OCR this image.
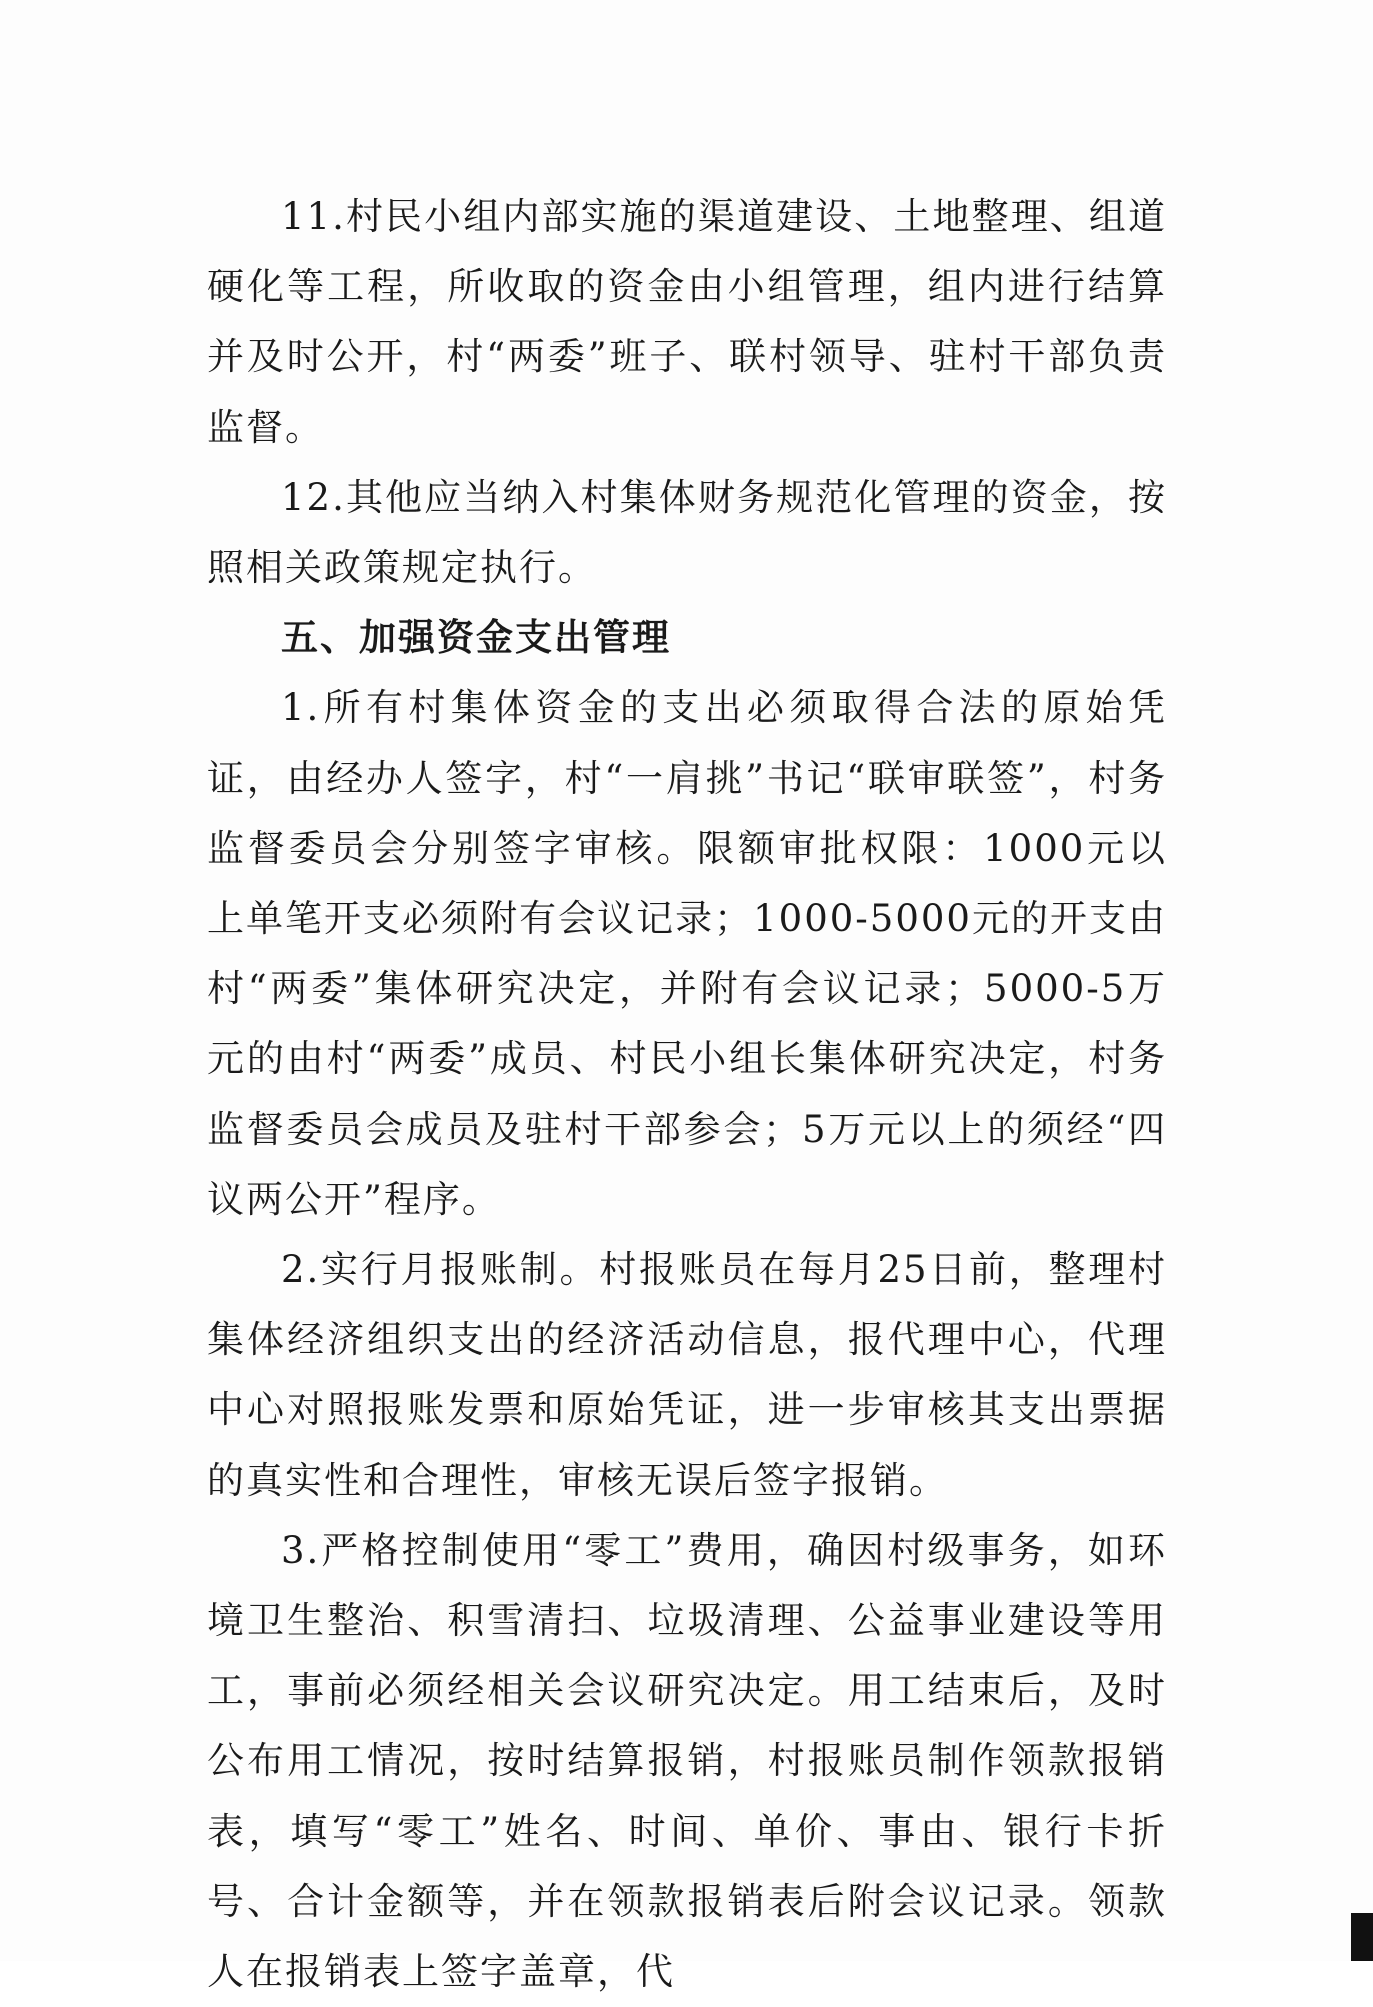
11.村民小组内部实施的渠道建设、土地整理、组道硬化等工程，所收取的资金由小组管理，组内进行结算并及时公开，村“两委”班子、联村领导、驻村干部负责监督。

12.其他应当纳入村集体财务规范化管理的资金，按照相关政策规定执行。

五、加强资金支出管理

1.所有村集体资金的支出必须取得合法的原始凭证，由经办人签字，村“一肩挑”书记“联审联签”，村务监督委员会分别签字审核。限额审批权限：1000元以上单笔开支必须附有会议记录；1000-5000元的开支由村“两委”集体研究决定，并附有会议记录；5000-5万元的由村“两委”成员、村民小组长集体研究决定，村务监督委员会成员及驻村干部参会；5万元以上的须经“四议两公开”程序。

2.实行月报账制。村报账员在每月25日前，整理村集体经济组织支出的经济活动信息，报代理中心，代理中心对照报账发票和原始凭证，进一步审核其支出票据的真实性和合理性，审核无误后签字报销。

3.严格控制使用“零工”费用，确因村级事务，如环境卫生整治、积雪清扫、垃圾清理、公益事业建设等用工，事前必须经相关会议研究决定。用工结束后，及时公布用工情况，按时结算报销，村报账员制作领款报销表，填写“零工”姓名、时间、单价、事由、银行卡折号、合计金额等，并在领款报销表后附会议记录。领款人在报销表上签字盖章，代
